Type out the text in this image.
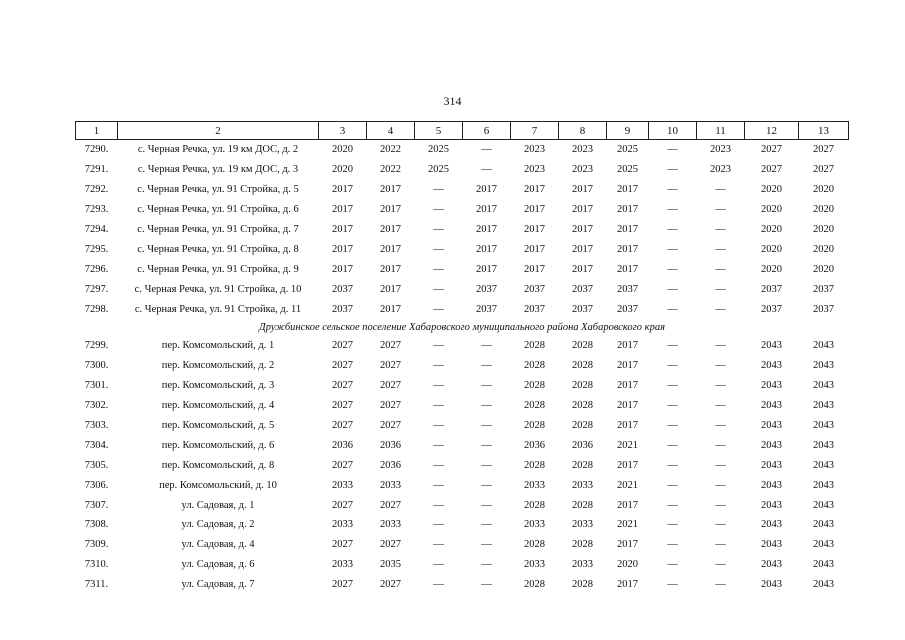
314
1	2	3	4	5	6	7	8	9	10	11	12	13
7290.	с. Черная Речка, ул. 19 км ДОС, д. 2	2020	2022	2025	—	2023	2023	2025	—	2023	2027	2027
7291.	с. Черная Речка, ул. 19 км ДОС, д. 3	2020	2022	2025	—	2023	2023	2025	—	2023	2027	2027
7292.	с. Черная Речка, ул. 91 Стройка, д. 5	2017	2017	—	2017	2017	2017	2017	—	—	2020	2020
7293.	с. Черная Речка, ул. 91 Стройка, д. 6	2017	2017	—	2017	2017	2017	2017	—	—	2020	2020
7294.	с. Черная Речка, ул. 91 Стройка, д. 7	2017	2017	—	2017	2017	2017	2017	—	—	2020	2020
7295.	с. Черная Речка, ул. 91 Стройка, д. 8	2017	2017	—	2017	2017	2017	2017	—	—	2020	2020
7296.	с. Черная Речка, ул. 91 Стройка, д. 9	2017	2017	—	2017	2017	2017	2017	—	—	2020	2020
7297.	с. Черная Речка, ул. 91 Стройка, д. 10	2037	2017	—	2037	2037	2037	2037	—	—	2037	2037
7298.	с. Черная Речка, ул. 91 Стройка, д. 11	2037	2017	—	2037	2037	2037	2037	—	—	2037	2037
Дружбинское сельское поселение Хабаровского муниципального района Хабаровского края												
7299.	пер. Комсомольский, д. 1	2027	2027	—	—	2028	2028	2017	—	—	2043	2043
7300.	пер. Комсомольский, д. 2	2027	2027	—	—	2028	2028	2017	—	—	2043	2043
7301.	пер. Комсомольский, д. 3	2027	2027	—	—	2028	2028	2017	—	—	2043	2043
7302.	пер. Комсомольский, д. 4	2027	2027	—	—	2028	2028	2017	—	—	2043	2043
7303.	пер. Комсомольский, д. 5	2027	2027	—	—	2028	2028	2017	—	—	2043	2043
7304.	пер. Комсомольский, д. 6	2036	2036	—	—	2036	2036	2021	—	—	2043	2043
7305.	пер. Комсомольский, д. 8	2027	2036	—	—	2028	2028	2017	—	—	2043	2043
7306.	пер. Комсомольский, д. 10	2033	2033	—	—	2033	2033	2021	—	—	2043	2043
7307.	ул. Садовая, д. 1	2027	2027	—	—	2028	2028	2017	—	—	2043	2043
7308.	ул. Садовая, д. 2	2033	2033	—	—	2033	2033	2021	—	—	2043	2043
7309.	ул. Садовая, д. 4	2027	2027	—	—	2028	2028	2017	—	—	2043	2043
7310.	ул. Садовая, д. 6	2033	2035	—	—	2033	2033	2020	—	—	2043	2043
7311.	ул. Садовая, д. 7	2027	2027	—	—	2028	2028	2017	—	—	2043	2043
